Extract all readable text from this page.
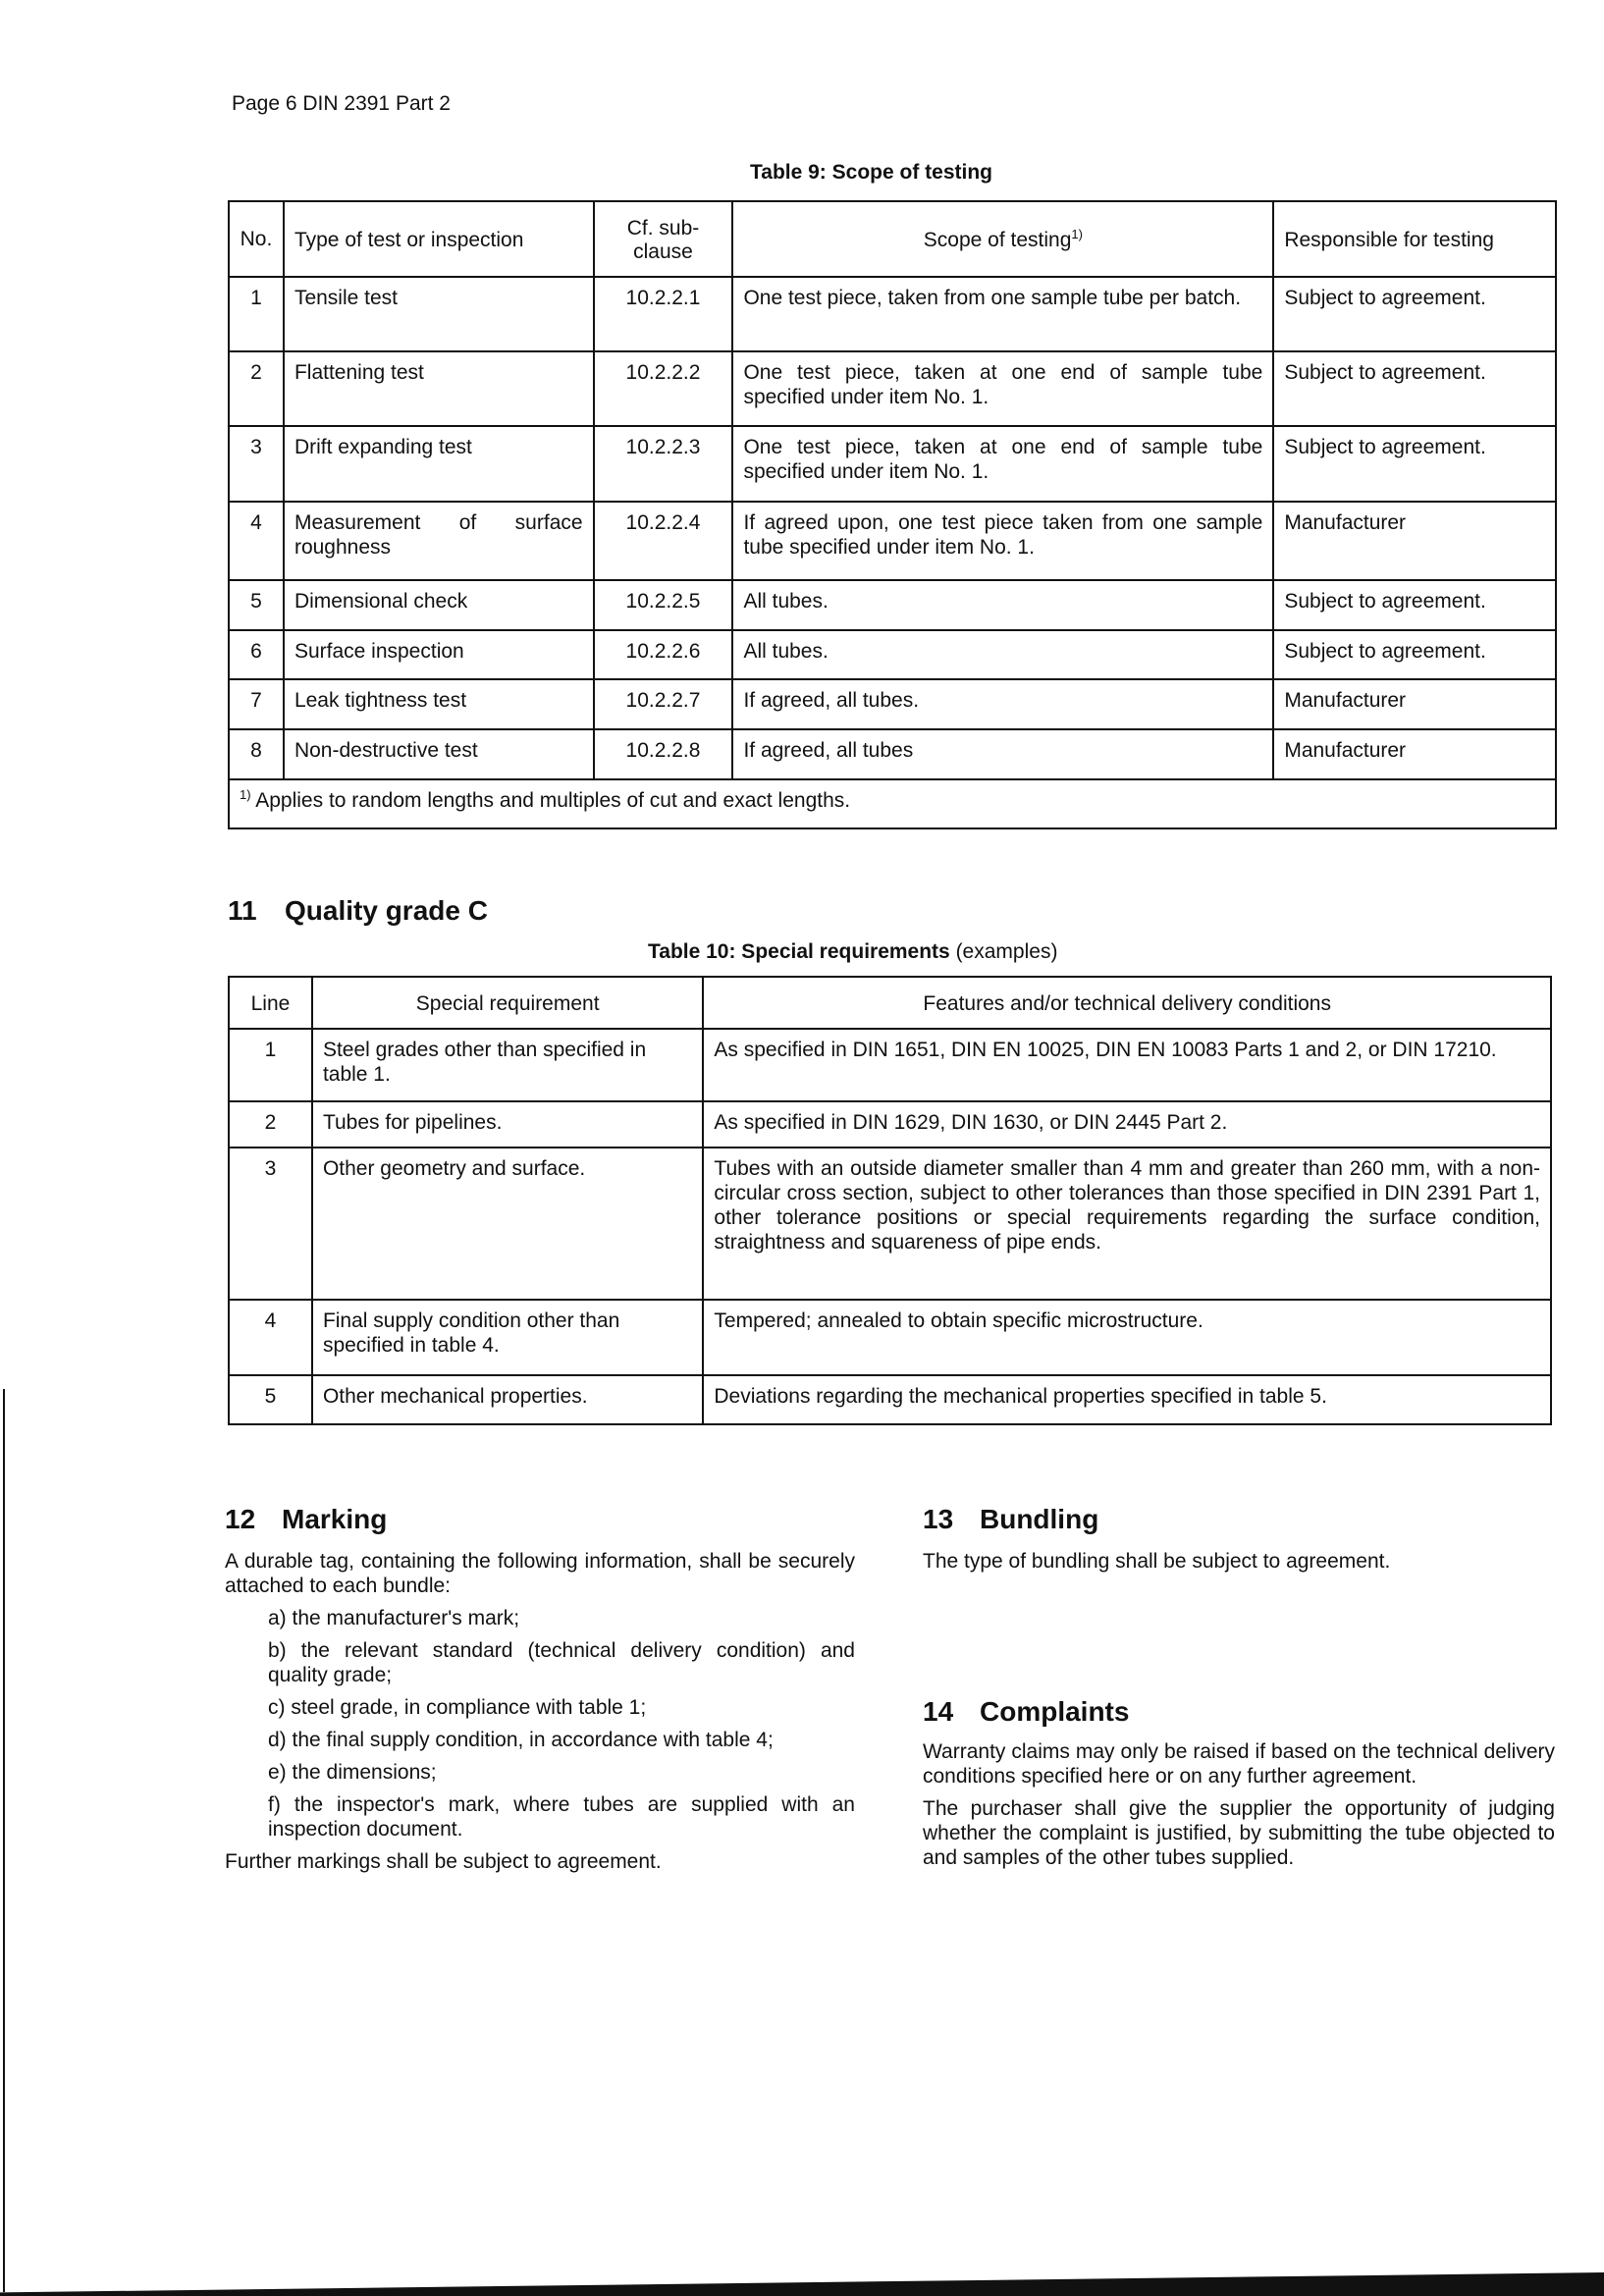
Page 6 DIN 2391 Part 2
Table 9: Scope of testing
No.	Type of test or inspection	Cf. sub-clause	Scope of testing$^{1)}$	Responsible for testing
1	Tensile test	10.2.2.1	One test piece, taken from one sample tube per batch.	Subject to agreement.
2	Flattening test	10.2.2.2	One test piece, taken at one end of sample tube specified under item No. 1.	Subject to agreement.
3	Drift expanding test	10.2.2.3	One test piece, taken at one end of sample tube specified under item No. 1.	Subject to agreement.
4	Measurement of surface roughness	10.2.2.4	If agreed upon, one test piece taken from one sample tube specified under item No. 1.	Manufacturer
5	Dimensional check	10.2.2.5	All tubes.	Subject to agreement.
6	Surface inspection	10.2.2.6	All tubes.	Subject to agreement.
7	Leak tightness test	10.2.2.7	If agreed, all tubes.	Manufacturer
8	Non-destructive test	10.2.2.8	If agreed, all tubes	Manufacturer
$^{1)}$ Applies to random lengths and multiples of cut and exact lengths.				
11 Quality grade C
Table 10: Special requirements (examples)
Line	Special requirement	Features and/or technical delivery conditions
1	Steel grades other than specified in table 1.	As specified in DIN 1651, DIN EN 10025, DIN EN 10083 Parts 1 and 2, or DIN 17210.
2	Tubes for pipelines.	As specified in DIN 1629, DIN 1630, or DIN 2445 Part 2.
3	Other geometry and surface.	Tubes with an outside diameter smaller than 4 mm and greater than 260 mm, with a non-circular cross section, subject to other tolerances than those specified in DIN 2391 Part 1, other tolerance positions or special requirements regarding the surface condition, straightness and squareness of pipe ends.
4	Final supply condition other than specified in table 4.	Tempered; annealed to obtain specific microstructure.
5	Other mechanical properties.	Deviations regarding the mechanical properties specified in table 5.
12 Marking

A durable tag, containing the following information, shall be securely attached to each bundle:

a) the manufacturer's mark;
b) the relevant standard (technical delivery condition) and quality grade;
c) steel grade, in compliance with table 1;
d) the final supply condition, in accordance with table 4;
e) the dimensions;
f) the inspector's mark, where tubes are supplied with an inspection document.

Further markings shall be subject to agreement.

13 Bundling

The type of bundling shall be subject to agreement.

14 Complaints

Warranty claims may only be raised if based on the technical delivery conditions specified here or on any further agreement.

The purchaser shall give the supplier the opportunity of judging whether the complaint is justified, by submitting the tube objected to and samples of the other tubes supplied.
